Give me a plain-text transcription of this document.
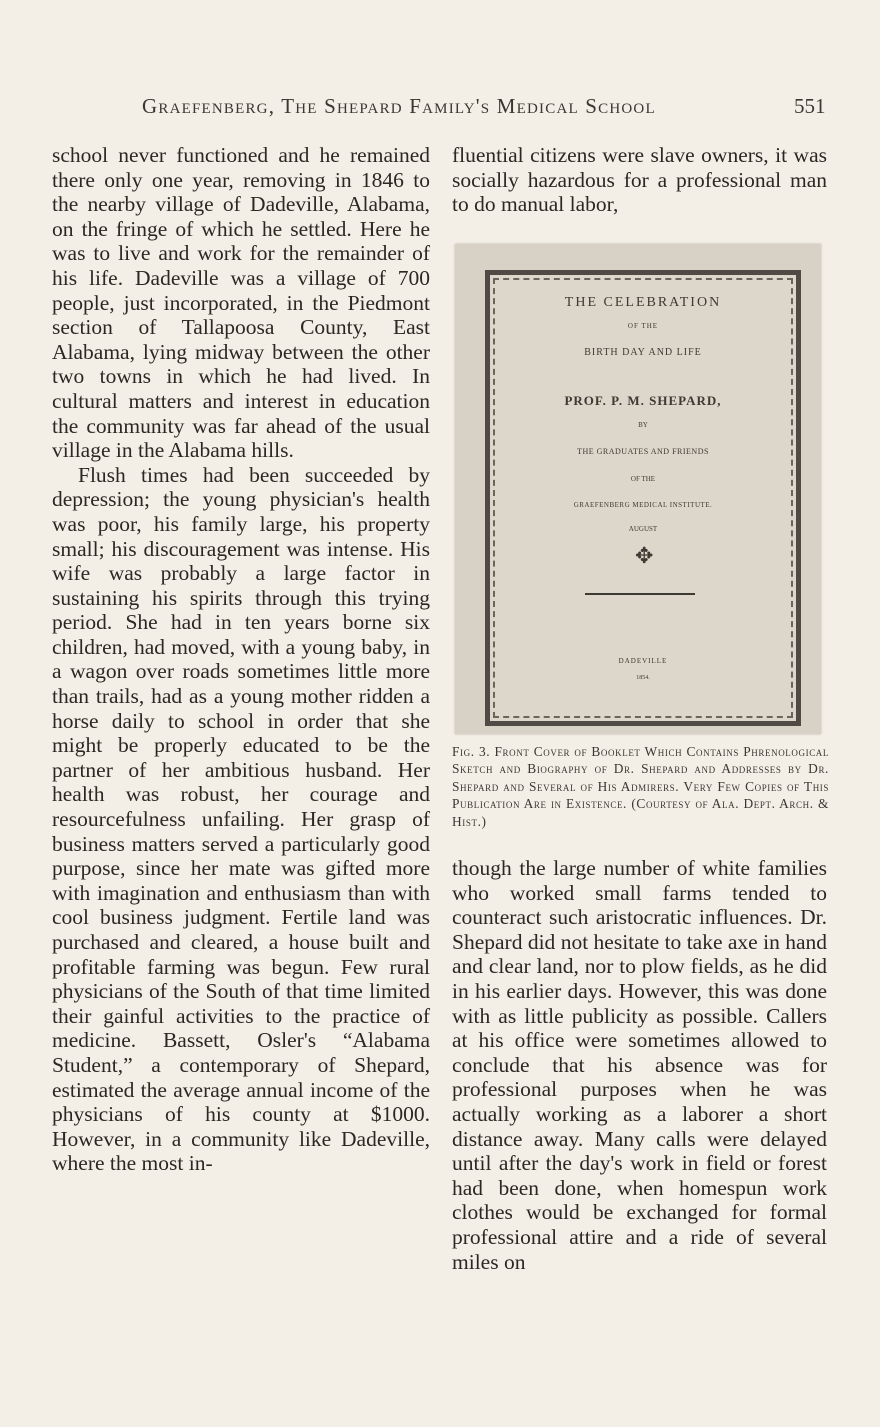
Graefenberg, The Shepard Family's Medical School	551

school never functioned and he remained there only one year, removing in 1846 to the nearby village of Dadeville, Alabama, on the fringe of which he settled. Here he was to live and work for the remainder of his life. Dadeville was a village of 700 people, just incorporated, in the Piedmont section of Tallapoosa County, East Alabama, lying midway between the other two towns in which he had lived. In cultural matters and interest in education the community was far ahead of the usual village in the Alabama hills.

Flush times had been succeeded by depression; the young physician's health was poor, his family large, his property small; his discouragement was intense. His wife was probably a large factor in sustaining his spirits through this trying period. She had in ten years borne six children, had moved, with a young baby, in a wagon over roads sometimes little more than trails, had as a young mother ridden a horse daily to school in order that she might be properly educated to be the partner of her ambitious husband. Her health was robust, her courage and resourcefulness unfailing. Her grasp of business matters served a particularly good purpose, since her mate was gifted more with imagination and enthusiasm than with cool business judgment. Fertile land was purchased and cleared, a house built and profitable farming was begun. Few rural physicians of the South of that time limited their gainful activities to the practice of medicine. Bassett, Osler's “Alabama Student,” a contemporary of Shepard, estimated the average annual income of the physicians of his county at $1000. However, in a community like Dadeville, where the most in-

fluential citizens were slave owners, it was socially hazardous for a professional man to do manual labor,

THE CELEBRATION
OF THE
BIRTH DAY AND LIFE
PROF. P. M. SHEPARD,
BY
THE GRADUATES AND FRIENDS
OF THE
GRAEFENBERG MEDICAL INSTITUTE.
AUGUST
✥
DADEVILLE
1854.
Fig. 3. Front Cover of Booklet Which Contains Phrenological Sketch and Biography of Dr. Shepard and Addresses by Dr. Shepard and Several of His Admirers. Very Few Copies of This Publication Are in Existence. (Courtesy of Ala. Dept. Arch. & Hist.)

though the large number of white families who worked small farms tended to counteract such aristocratic influences. Dr. Shepard did not hesitate to take axe in hand and clear land, nor to plow fields, as he did in his earlier days. However, this was done with as little publicity as possible. Callers at his office were sometimes allowed to conclude that his absence was for professional purposes when he was actually working as a laborer a short distance away. Many calls were delayed until after the day's work in field or forest had been done, when homespun work clothes would be exchanged for formal professional attire and a ride of several miles on
